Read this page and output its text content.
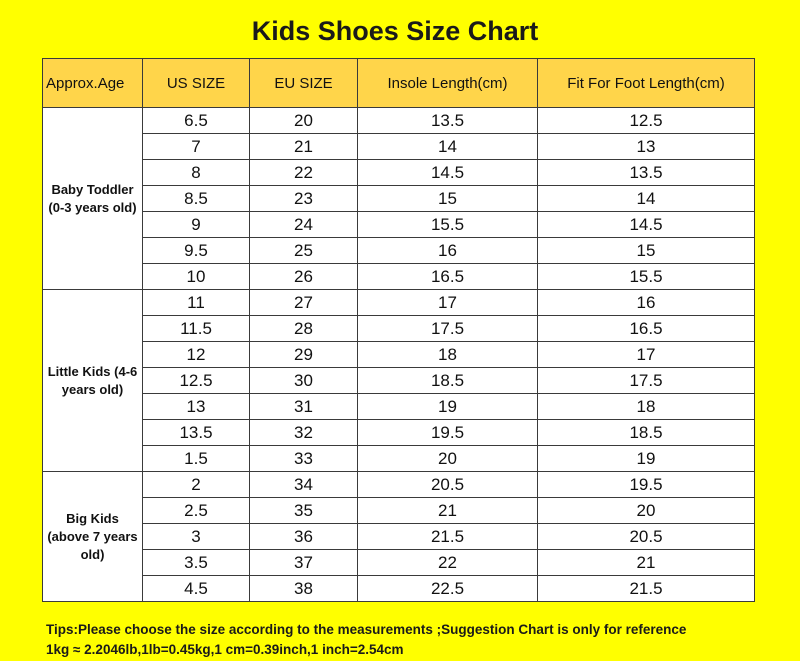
Kids Shoes Size Chart
Approx.Age	US SIZE	EU SIZE	Insole Length(cm)	Fit For Foot Length(cm)
Baby Toddler (0-3 years old)	6.5	20	13.5	12.5
	7	21	14	13
	8	22	14.5	13.5
	8.5	23	15	14
	9	24	15.5	14.5
	9.5	25	16	15
	10	26	16.5	15.5
Little Kids (4-6 years old)	11	27	17	16
	11.5	28	17.5	16.5
	12	29	18	17
	12.5	30	18.5	17.5
	13	31	19	18
	13.5	32	19.5	18.5
	1.5	33	20	19
Big Kids (above 7 years old)	2	34	20.5	19.5
	2.5	35	21	20
	3	36	21.5	20.5
	3.5	37	22	21
	4.5	38	22.5	21.5
Tips:Please choose the size according to the measurements ;Suggestion Chart is only for reference
1kg ≈ 2.2046lb,1lb=0.45kg,1 cm=0.39inch,1 inch=2.54cm
